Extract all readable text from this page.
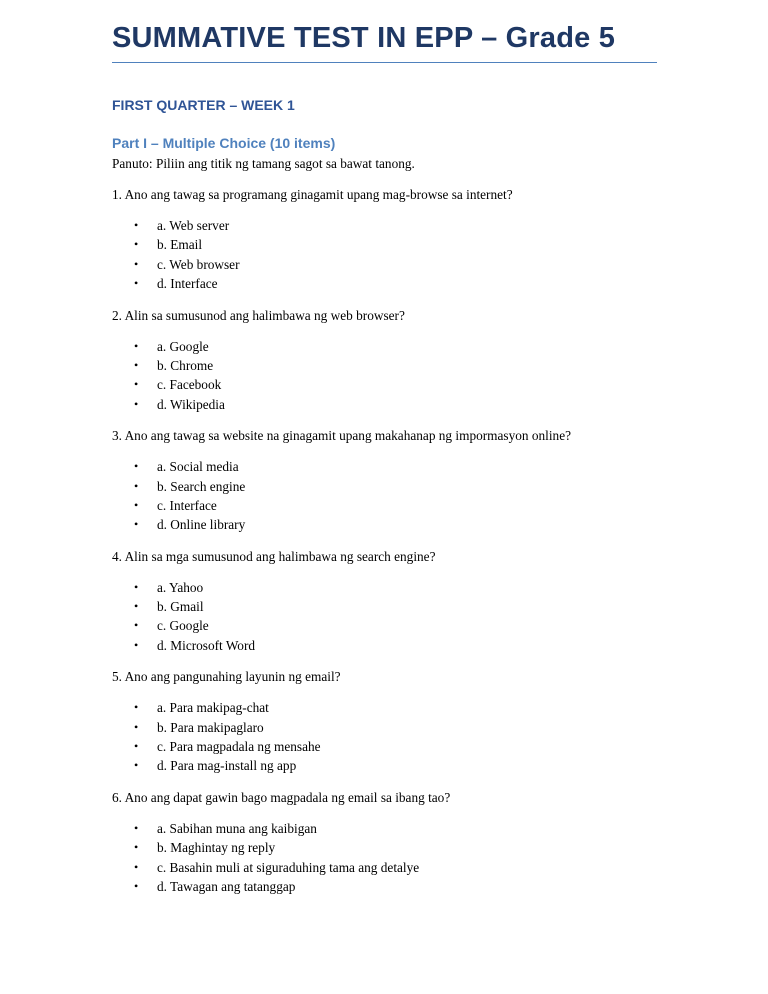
SUMMATIVE TEST IN EPP – Grade 5
FIRST QUARTER – WEEK 1
Part I – Multiple Choice (10 items)

Panuto: Piliin ang titik ng tamang sagot sa bawat tanong.

1. Ano ang tawag sa programang ginagamit upang mag-browse sa internet?

• a. Web server
• b. Email
• c. Web browser
• d. Interface

2. Alin sa sumusunod ang halimbawa ng web browser?

• a. Google
• b. Chrome
• c. Facebook
• d. Wikipedia

3. Ano ang tawag sa website na ginagamit upang makahanap ng impormasyon online?

• a. Social media
• b. Search engine
• c. Interface
• d. Online library

4. Alin sa mga sumusunod ang halimbawa ng search engine?

• a. Yahoo
• b. Gmail
• c. Google
• d. Microsoft Word

5. Ano ang pangunahing layunin ng email?

• a. Para makipag-chat
• b. Para makipaglaro
• c. Para magpadala ng mensahe
• d. Para mag-install ng app

6. Ano ang dapat gawin bago magpadala ng email sa ibang tao?

• a. Sabihan muna ang kaibigan
• b. Maghintay ng reply
• c. Basahin muli at siguraduhing tama ang detalye
• d. Tawagan ang tatanggap
